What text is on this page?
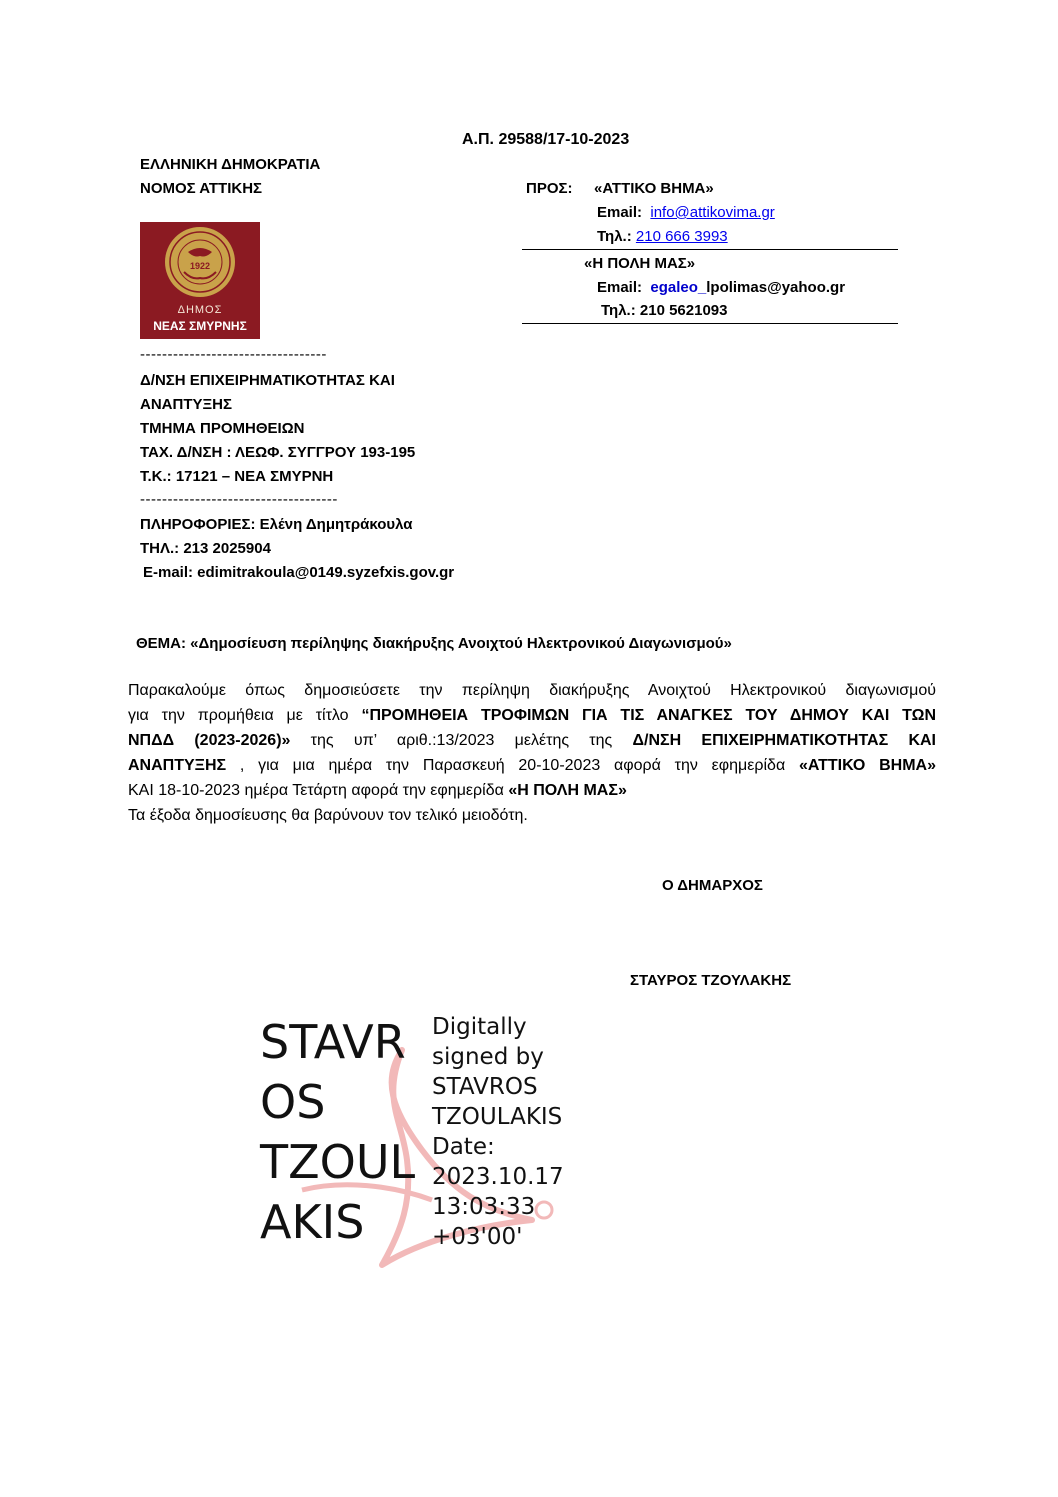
Α.Π. 29588/17-10-2023
ΕΛΛΗΝΙΚΗ ΔΗΜΟΚΡΑΤΙΑ
ΝΟΜΟΣ ΑΤΤΙΚΗΣ
1922
ΔΗΜΟΣ
ΝΕΑΣ ΣΜΥΡΝΗΣ
ΠΡΟΣ: «ΑΤΤΙΚΟ ΒΗΜΑ»
Email: info@attikovima.gr
Τηλ.: 210 666 3993
«Η ΠΟΛΗ ΜΑΣ»
Email: egaleo_lpolimas@yahoo.gr
Τηλ.: 210 5621093
----------------------------------
Δ/ΝΣΗ ΕΠΙΧΕΙΡΗΜΑΤΙΚΟΤΗΤΑΣ ΚΑΙ
ΑΝΑΠΤΥΞΗΣ
ΤΜΗΜΑ ΠΡΟΜΗΘΕΙΩΝ
ΤΑΧ. Δ/ΝΣΗ : ΛΕΩΦ. ΣΥΓΓΡΟΥ 193-195
Τ.Κ.: 17121 – ΝΕΑ ΣΜΥΡΝΗ
------------------------------------
ΠΛΗΡΟΦΟΡΙΕΣ: Ελένη Δημητράκουλα
ΤΗΛ.: 213 2025904
E-mail: edimitrakoula@0149.syzefxis.gov.gr
ΘΕΜΑ: «Δημοσίευση περίληψης διακήρυξης Ανοιχτού Ηλεκτρονικού Διαγωνισμού»
Παρακαλούμε όπως δημοσιεύσετε την περίληψη διακήρυξης Ανοιχτού Ηλεκτρονικού διαγωνισμού
για την προμήθεια με τίτλο “ΠΡΟΜΗΘΕΙΑ ΤΡΟΦΙΜΩΝ ΓΙΑ ΤΙΣ ΑΝΑΓΚΕΣ ΤΟΥ ΔΗΜΟΥ ΚΑΙ ΤΩΝ
ΝΠΔΔ (2023-2026)» της υπ’ αριθ.:13/2023 μελέτης της Δ/ΝΣΗ ΕΠΙΧΕΙΡΗΜΑΤΙΚΟΤΗΤΑΣ ΚΑΙ
ΑΝΑΠΤΥΞΗΣ , για μια ημέρα την Παρασκευή 20-10-2023 αφορά την εφημερίδα «ΑΤΤΙΚΟ ΒΗΜΑ»
ΚΑΙ 18-10-2023 ημέρα Τετάρτη αφορά την εφημερίδα «Η ΠΟΛΗ ΜΑΣ»
Τα έξοδα δημοσίευσης θα βαρύνουν τον τελικό μειοδότη.
Ο ΔΗΜΑΡΧΟΣ
ΣΤΑΥΡΟΣ ΤΖΟΥΛΑΚΗΣ
STAVR
OS
TZOUL
AKIS
Digitally
signed by
STAVROS
TZOULAKIS
Date:
2023.10.17
13:03:33
+03'00'
